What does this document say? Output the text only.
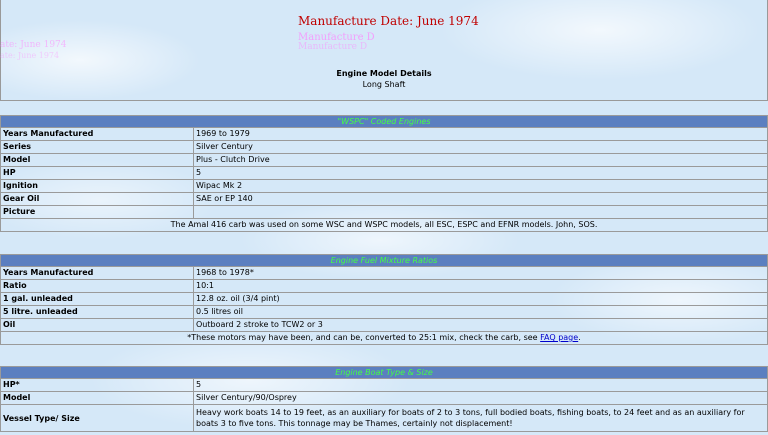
ate: June 1974
ate: June 1974
Manufacture Date: June 1974
Manufacture D
Manufacture D
Engine Model Details
Long Shaft
"WSPC" Coded Engines	
Years Manufactured	1969 to 1979
Series	Silver Century
Model	Plus - Clutch Drive
HP	5
Ignition	Wipac Mk 2
Gear Oil	SAE or EP 140
Picture	
The Amal 416 carb was used on some WSC and WSPC models, all ESC, ESPC and EFNR models. John, SOS.	
Engine Fuel Mixture Ratios	
Years Manufactured	1968 to 1978*
Ratio	10:1
1 gal. unleaded	12.8 oz. oil (3/4 pint)
5 litre. unleaded	0.5 litres oil
Oil	Outboard 2 stroke to TCW2 or 3
*These motors may have been, and can be, converted to 25:1 mix, check the carb, see FAQ page.	
Engine Boat Type & Size	
HP*	5
Model	Silver Century/90/Osprey
Vessel Type/ Size	Heavy work boats 14 to 19 feet, as an auxiliary for boats of 2 to 3 tons, full bodied boats, fishing boats, to 24 feet and as an auxiliary for boats 3 to five tons. This tonnage may be Thames, certainly not displacement!
